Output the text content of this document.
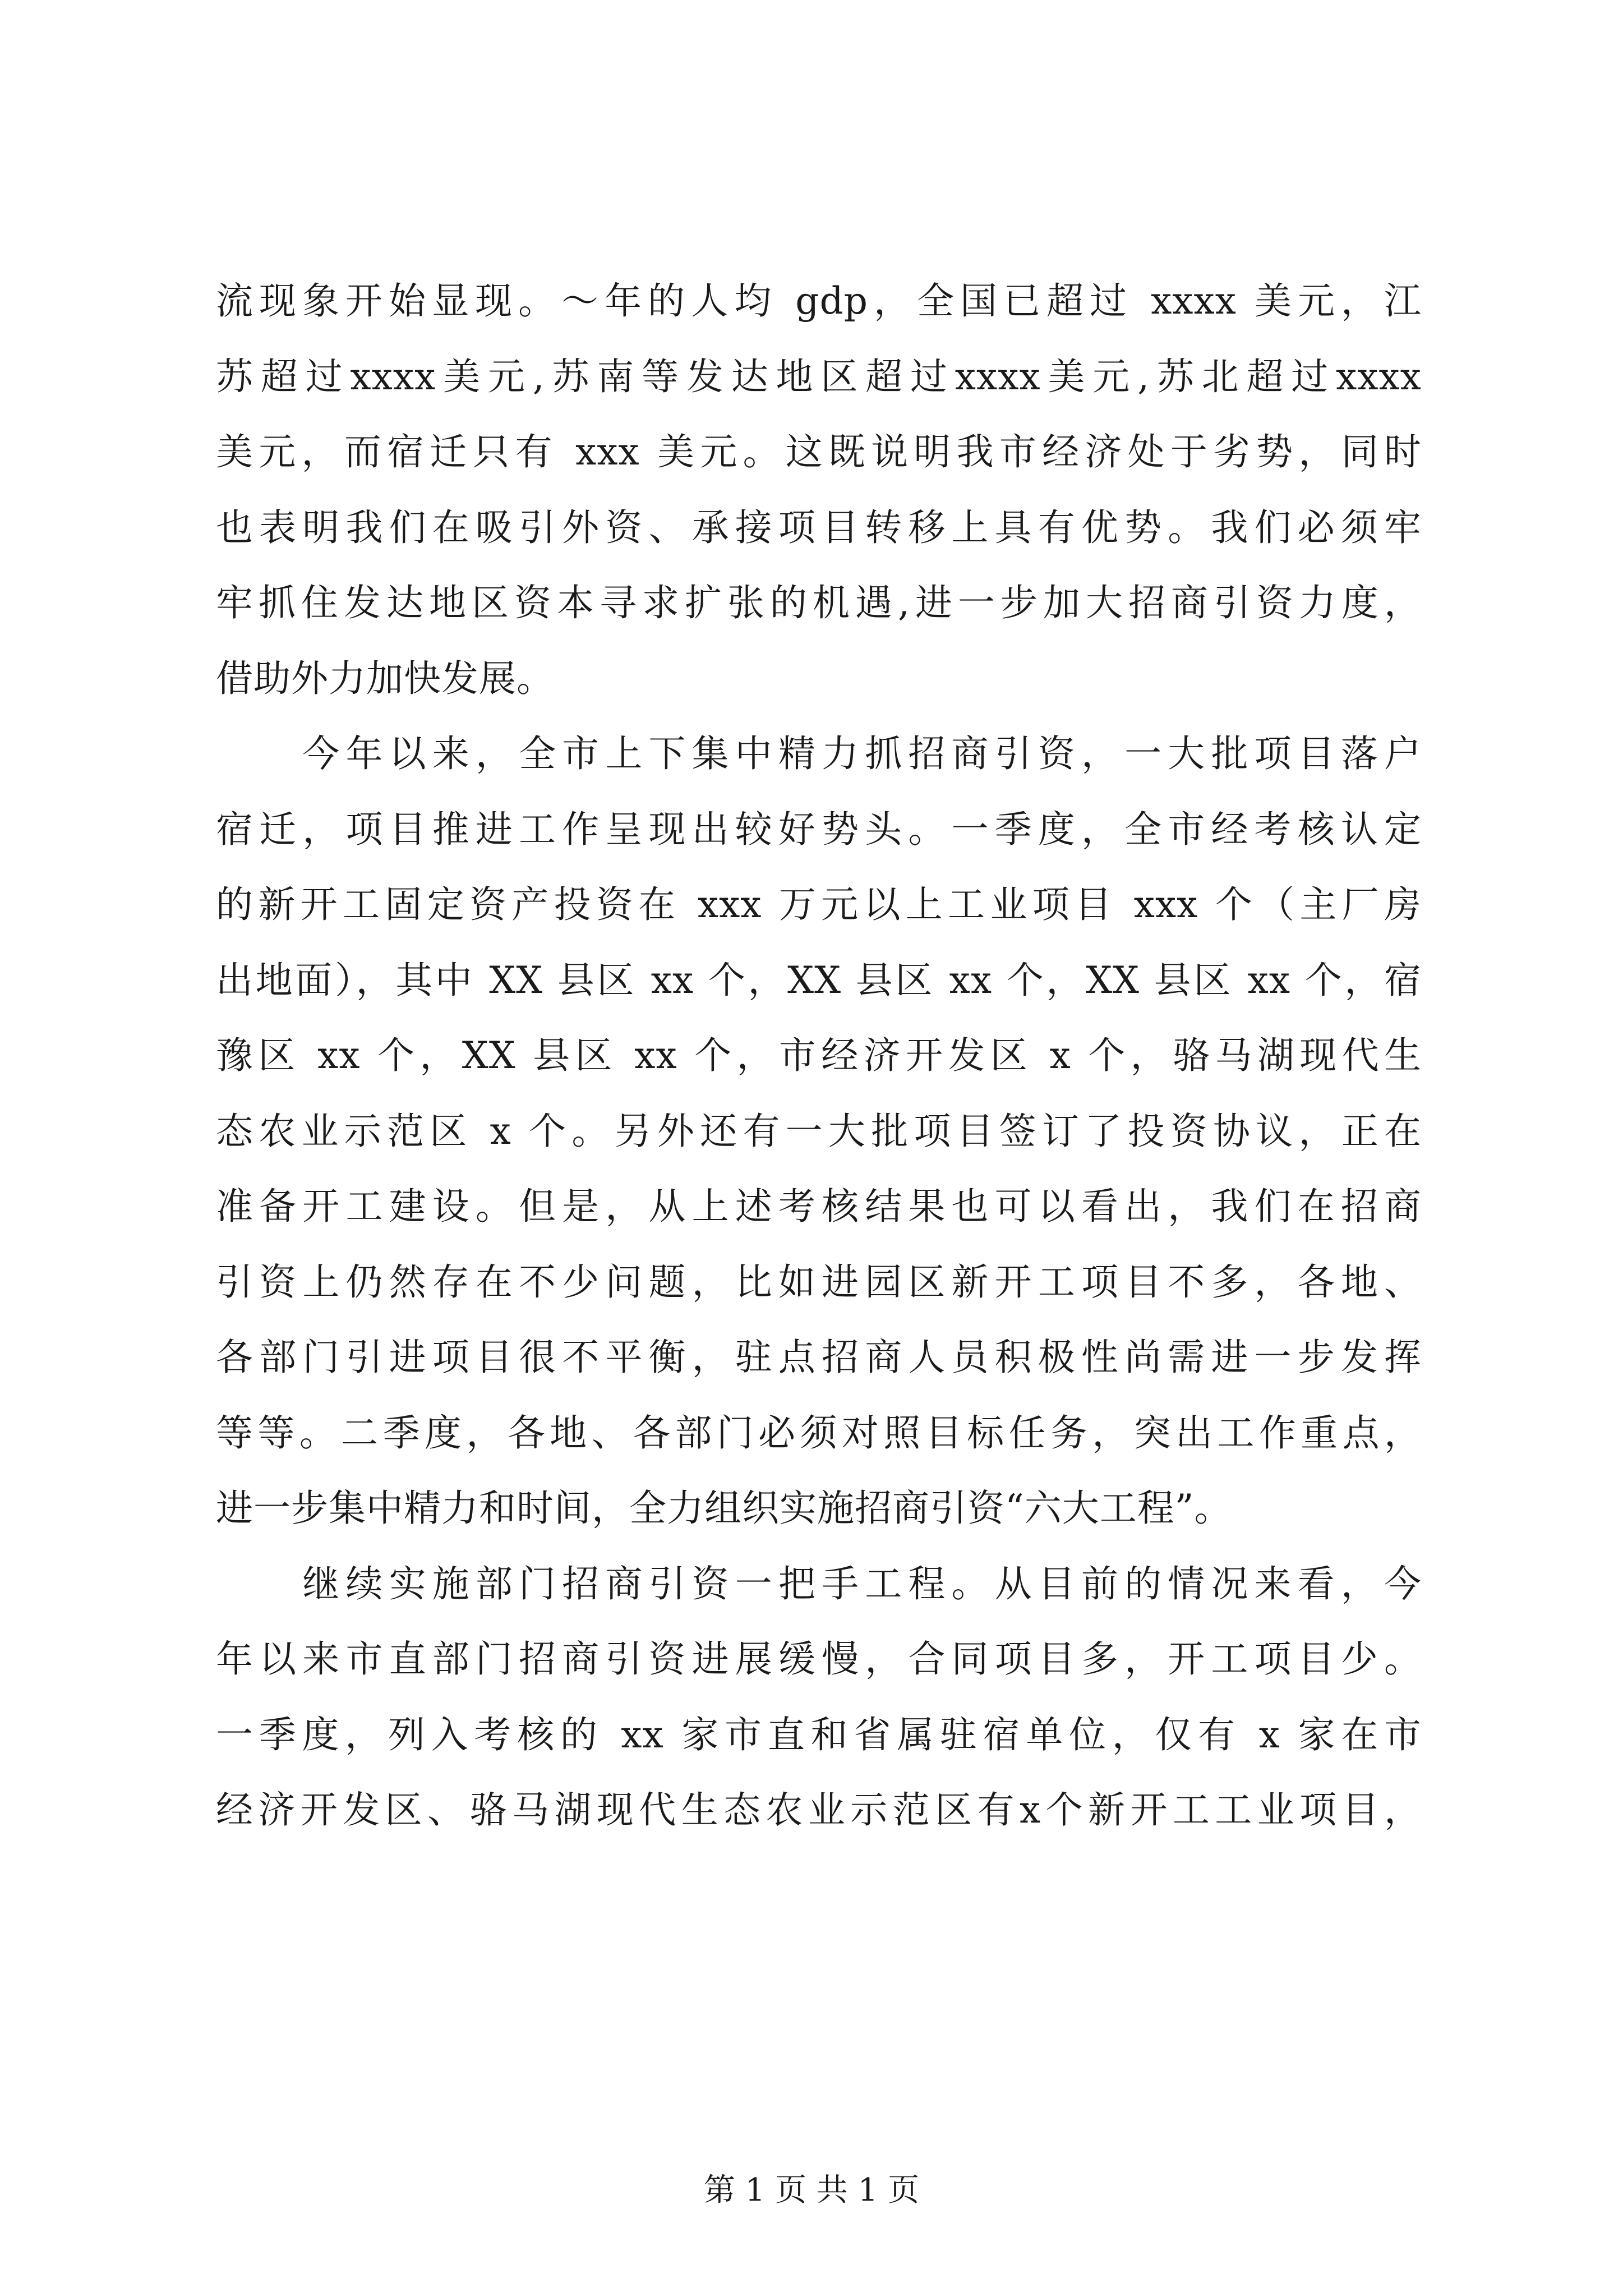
流现象开始显现。～年的人均 gdp，全国已超过 xxxx 美元，江
苏超过xxxx美元,苏南等发达地区超过xxxx美元,苏北超过xxxx
美元，而宿迁只有 xxx 美元。这既说明我市经济处于劣势，同时
也表明我们在吸引外资、承接项目转移上具有优势。我们必须牢
牢抓住发达地区资本寻求扩张的机遇,进一步加大招商引资力度，
借助外力加快发展。
　　今年以来，全市上下集中精力抓招商引资，一大批项目落户
宿迁，项目推进工作呈现出较好势头。一季度，全市经考核认定
的新开工固定资产投资在 xxx 万元以上工业项目 xxx 个（主厂房
出地面），其中 XX 县区 xx 个，XX 县区 xx 个，XX 县区 xx 个，宿
豫区 xx 个，XX 县区 xx 个，市经济开发区 x 个，骆马湖现代生
态农业示范区 x 个。另外还有一大批项目签订了投资协议，正在
准备开工建设。但是，从上述考核结果也可以看出，我们在招商
引资上仍然存在不少问题，比如进园区新开工项目不多，各地、
各部门引进项目很不平衡，驻点招商人员积极性尚需进一步发挥
等等。二季度，各地、各部门必须对照目标任务，突出工作重点，
进一步集中精力和时间，全力组织实施招商引资“六大工程”。
　　继续实施部门招商引资一把手工程。从目前的情况来看，今
年以来市直部门招商引资进展缓慢，合同项目多，开工项目少。
一季度，列入考核的 xx 家市直和省属驻宿单位，仅有 x 家在市
经济开发区、骆马湖现代生态农业示范区有x个新开工工业项目，
第 1 页 共 1 页
